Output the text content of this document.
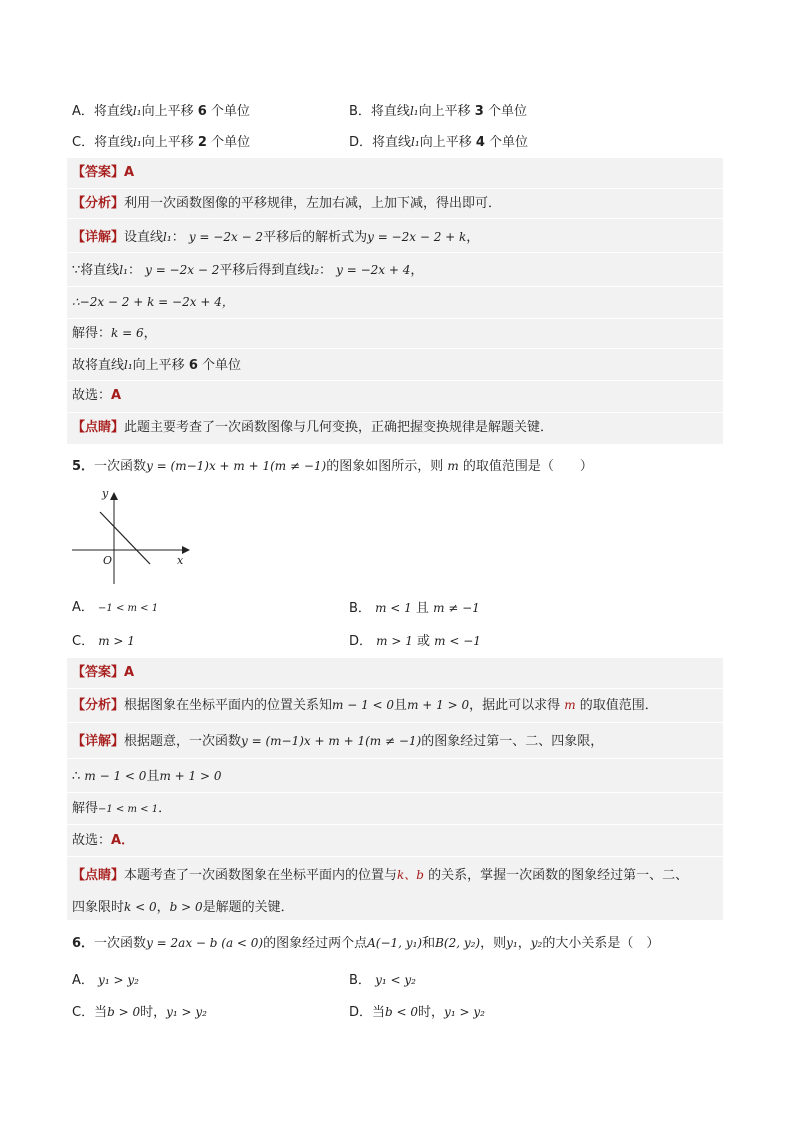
A．将直线l₁向上平移 6 个单位	B．将直线l₁向上平移 3 个单位
C．将直线l₁向上平移 2 个单位	D．将直线l₁向上平移 4 个单位
【答案】A
【分析】利用一次函数图像的平移规律，左加右减，上加下减，得出即可．
【详解】设直线l₁： y = −2x − 2平移后的解析式为y = −2x − 2 + k，
∵将直线l₁： y = −2x − 2平移后得到直线l₂： y = −2x + 4，
∴−2x − 2 + k = −2x + 4，
解得：k = 6，
故将直线l₁向上平移 6 个单位
故选：A
【点睛】此题主要考查了一次函数图像与几何变换，正确把握变换规律是解题关键．
5．一次函数y = (m−1)x + m + 1(m ≠ −1)的图象如图所示，则 m 的取值范围是（　　）
y
x
O
A． −1 < m < 1	B． m < 1 且 m ≠ −1
C． m > 1	D． m > 1 或 m < −1
【答案】A
【分析】根据图象在坐标平面内的位置关系知m − 1 < 0且m + 1 > 0，据此可以求得 m 的取值范围．
【详解】根据题意，一次函数y = (m−1)x + m + 1(m ≠ −1)的图象经过第一、二、四象限，
∴ m − 1 < 0且m + 1 > 0
解得−1 < m < 1．
故选：A．
【点睛】本题考查了一次函数图象在坐标平面内的位置与k、b 的关系，掌握一次函数的图象经过第一、二、
四象限时k < 0，b > 0是解题的关键．
6．一次函数y = 2ax − b (a < 0)的图象经过两个点A(−1, y₁)和B(2, y₂)，则y₁，y₂的大小关系是（　）
A． y₁ > y₂	B． y₁ < y₂
C．当b > 0时，y₁ > y₂	D．当b < 0时，y₁ > y₂
